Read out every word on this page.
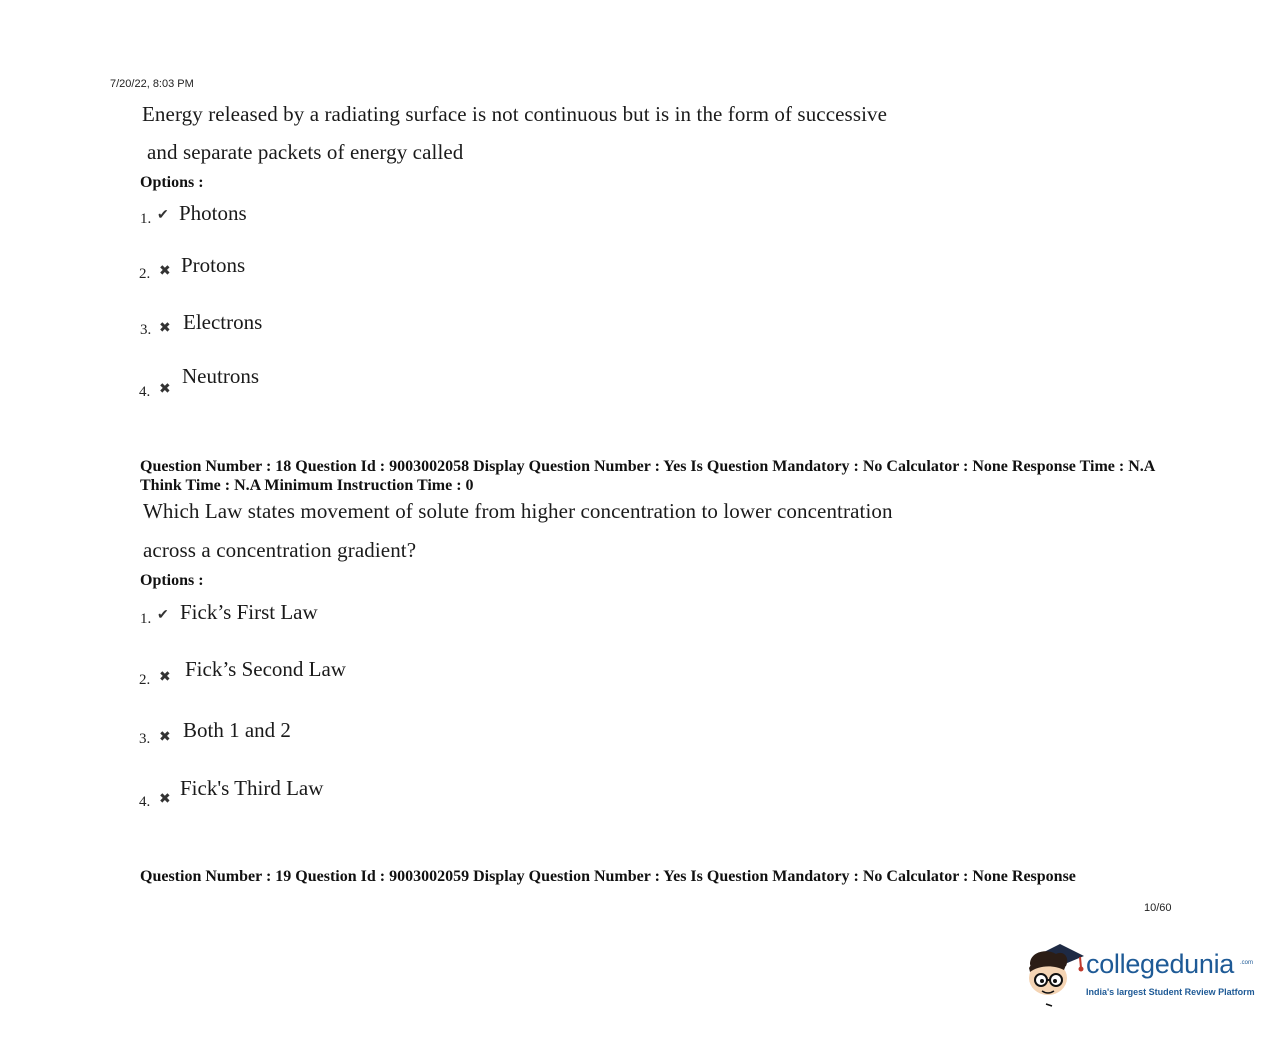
7/20/22, 8:03 PM
Energy released by a radiating surface is not continuous but is in the form of successive
and separate packets of energy called
Options :
1. ✔ Photons
2. ✖ Protons
3. ✖ Electrons
4. ✖
Neutrons
Question Number : 18 Question Id : 9003002058 Display Question Number : Yes Is Question Mandatory : No Calculator : None Response Time : N.A Think Time : N.A Minimum Instruction Time : 0
Which Law states movement of solute from higher concentration to lower concentration
across a concentration gradient?
Options :
1. ✔ Fick’s First Law
2. ✖ Fick’s Second Law
3. ✖ Both 1 and 2
4. ✖ Fick's Third Law
Question Number : 19 Question Id : 9003002059 Display Question Number : Yes Is Question Mandatory : No Calculator : None Response
10/60
collegedunia .com
India's largest Student Review Platform
